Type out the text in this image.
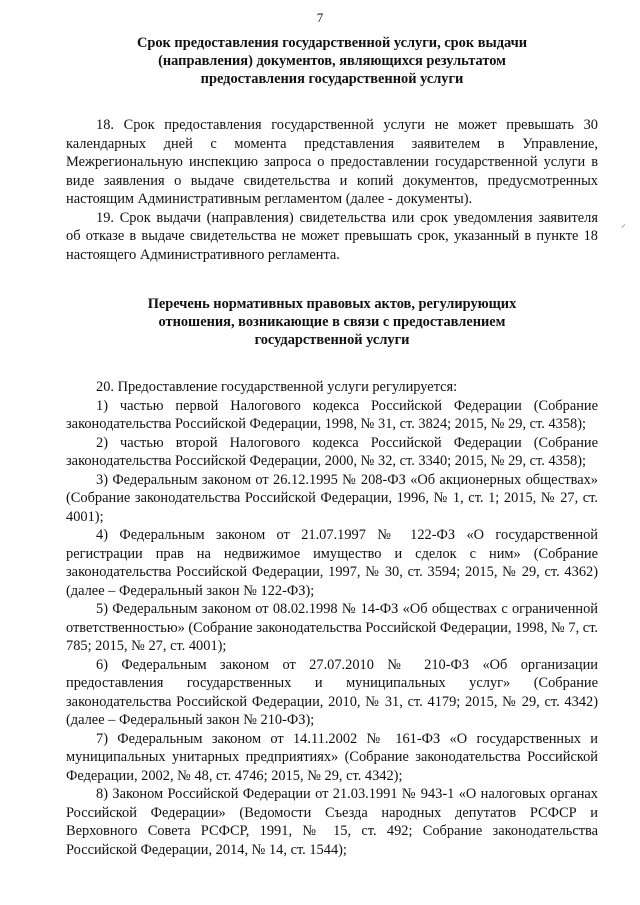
7
Срок предоставления государственной услуги, срок выдачи
(направления) документов, являющихся результатом
предоставления государственной услуги

18. Срок предоставления государственной услуги не может превышать 30 календарных дней с момента представления заявителем в Управление, Межрегиональную инспекцию запроса о предоставлении государственной услуги в виде заявления о выдаче свидетельства и копий документов, предусмотренных настоящим Административным регламентом (далее - документы).

19. Срок выдачи (направления) свидетельства или срок уведомления заявителя об отказе в выдаче свидетельства не может превышать срок, указанный в пункте 18 настоящего Административного регламента.

Перечень нормативных правовых актов, регулирующих
отношения, возникающие в связи с предоставлением
государственной услуги

20. Предоставление государственной услуги регулируется:

1) частью первой Налогового кодекса Российской Федерации (Собрание законодательства Российской Федерации, 1998, № 31, ст. 3824; 2015, № 29, ст. 4358);

2) частью второй Налогового кодекса Российской Федерации (Собрание законодательства Российской Федерации, 2000, № 32, ст. 3340; 2015, № 29, ст. 4358);

3) Федеральным законом от 26.12.1995 № 208-ФЗ «Об акционерных обществах» (Собрание законодательства Российской Федерации, 1996, № 1, ст. 1; 2015, № 27, ст. 4001);

4) Федеральным законом от 21.07.1997 № 122-ФЗ «О государственной регистрации прав на недвижимое имущество и сделок с ним» (Собрание законодательства Российской Федерации, 1997, № 30, ст. 3594; 2015, № 29, ст. 4362) (далее – Федеральный закон № 122-ФЗ);

5) Федеральным законом от 08.02.1998 № 14-ФЗ «Об обществах с ограниченной ответственностью» (Собрание законодательства Российской Федерации, 1998, № 7, ст. 785; 2015, № 27, ст. 4001);

6) Федеральным законом от 27.07.2010 № 210-ФЗ «Об организации предоставления государственных и муниципальных услуг» (Собрание законодательства Российской Федерации, 2010, № 31, ст. 4179; 2015, № 29, ст. 4342) (далее – Федеральный закон № 210-ФЗ);

7) Федеральным законом от 14.11.2002 № 161-ФЗ «О государственных и муниципальных унитарных предприятиях» (Собрание законодательства Российской Федерации, 2002, № 48, ст. 4746; 2015, № 29, ст. 4342);

8) Законом Российской Федерации от 21.03.1991 № 943-1 «О налоговых органах Российской Федерации» (Ведомости Съезда народных депутатов РСФСР и Верховного Совета РСФСР, 1991, № 15, ст. 492; Собрание законодательства Российской Федерации, 2014, № 14, ст. 1544);

⸝
